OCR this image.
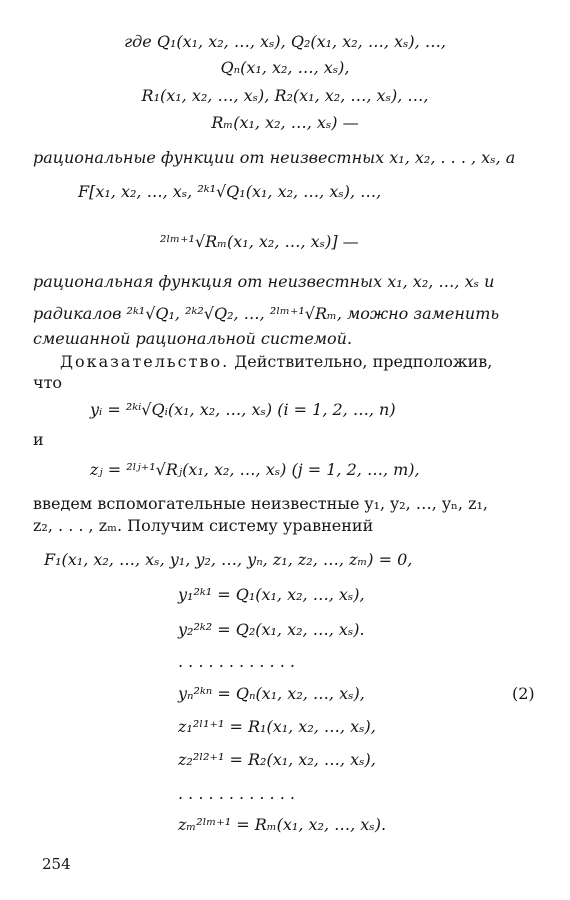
где Q₁(x₁, x₂, …, xₛ), Q₂(x₁, x₂, …, xₛ), …,
Qₙ(x₁, x₂, …, xₛ),
R₁(x₁, x₂, …, xₛ), R₂(x₁, x₂, …, xₛ), …,
Rₘ(x₁, x₂, …, xₛ) —
рациональные функции от неизвестных x₁, x₂, . . . , xₛ, а
F[x₁, x₂, …, xₛ, ²ᵏ¹√Q₁(x₁, x₂, …, xₛ), …,
²ˡᵐ⁺¹√Rₘ(x₁, x₂, …, xₛ)] —
рациональная функция от неизвестных x₁, x₂, …, xₛ и
радикалов ²ᵏ¹√Q₁, ²ᵏ²√Q₂, …, ²ˡᵐ⁺¹√Rₘ, можно заменить
смешанной рациональной системой.
Доказательство. Действительно, предположив,
что
yᵢ = ²ᵏⁱ√Qᵢ(x₁, x₂, …, xₛ) (i = 1, 2, …, n)
и
zⱼ = ²ˡʲ⁺¹√Rⱼ(x₁, x₂, …, xₛ) (j = 1, 2, …, m),
введем вспомогательные неизвестные y₁, y₂, …, yₙ, z₁,
z₂, . . . , zₘ. Получим систему уравнений
F₁(x₁, x₂, …, xₛ, y₁, y₂, …, yₙ, z₁, z₂, …, zₘ) = 0,
y₁²ᵏ¹ = Q₁(x₁, x₂, …, xₛ),
y₂²ᵏ² = Q₂(x₁, x₂, …, xₛ).
. . . . . . . . . . . .
yₙ²ᵏⁿ = Qₙ(x₁, x₂, …, xₛ),
z₁²ˡ¹⁺¹ = R₁(x₁, x₂, …, xₛ),
z₂²ˡ²⁺¹ = R₂(x₁, x₂, …, xₛ),
. . . . . . . . . . . .
zₘ²ˡᵐ⁺¹ = Rₘ(x₁, x₂, …, xₛ).
(2)
254
